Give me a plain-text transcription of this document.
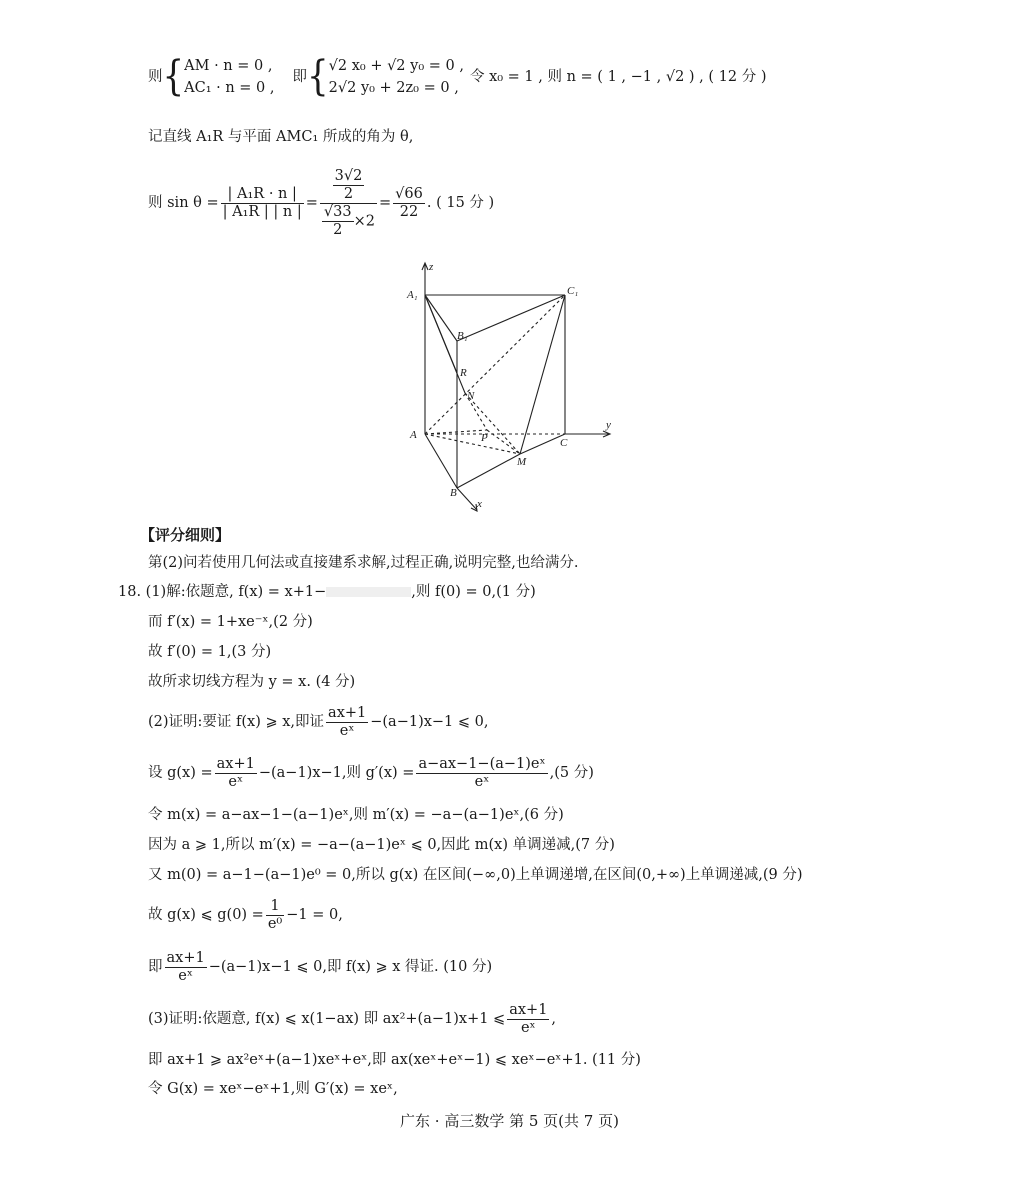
则{ AM · n = 0 ,
AC₁ · n = 0 ,
即{ √2 x₀ + √2 y₀ = 0 ,
2√2 y₀ + 2z₀ = 0 ,
令 x₀ = 1 , 则 n = ( 1 , −1 , √2 ) , ( 12 分 )
记直线 A₁R 与平面 AMC₁ 所成的角为 θ,
则 $\sin \theta = \frac{\text{| A₁R · n |}}{\text{| A₁R | | n |}} = \frac{\frac{3√2}{2}}{\frac{√33}{2} \times 2} = \frac{√66}{22}$ . ( 15 分 )
z
A₁	C₁
B₁
R
N
A	P	C
y
M
B
x
【评分细则】
第(2)问若使用几何法或直接建系求解,过程正确,说明完整,也给满分.
18. (1)解:依题意, f(x) = x+1−	,则 f(0) = 0,(1 分)
而 f′(x) = 1+xe⁻ˣ,(2 分)
故 f′(0) = 1,(3 分)
故所求切线方程为 y = x. (4 分)
(2)证明:要证 f(x) ⩾ x,即证 $\frac{ax+1}{\text{eˣ}} -(a-1)x-1$ ⩽ 0,
设 $g(x) = \frac{ax+1}{\text{eˣ}} -(a-1)x-1$,则 $g'(x) = \frac{\text{a−ax−1−(a−1)eˣ}}{\text{eˣ}} ,(5$ 分)
令 m(x) = a−ax−1−(a−1)eˣ,则 m′(x) = −a−(a−1)eˣ,(6 分)
因为 a ⩾ 1,所以 m′(x) = −a−(a−1)eˣ ⩽ 0,因此 m(x) 单调递减,(7 分)
又 m(0) = a−1−(a−1)e⁰ = 0,所以 g(x) 在区间(−∞,0)上单调递增,在区间(0,+∞)上单调递减,(9 分)
故 g(x) ⩽ $g(0) = \frac{1}{\text{e⁰}} -1 = 0$,
即 $\frac{ax+1}{\text{eˣ}} -(a-1)x-1$ ⩽ 0,即 f(x) ⩾ x 得证. (10 分)
(3)证明:依题意, f(x) ⩽ x(1−ax) 即 ax²+(a−1)x+1 ⩽ $\frac{ax+1}{\text{eˣ}}$ ,
即 ax+1 ⩾ ax²eˣ+(a−1)xeˣ+eˣ,即 ax(xeˣ+eˣ−1) ⩽ xeˣ−eˣ+1. (11 分)
令 G(x) = xeˣ−eˣ+1,则 G′(x) = xeˣ,
广东 · 高三数学 第 5 页(共 7 页)
